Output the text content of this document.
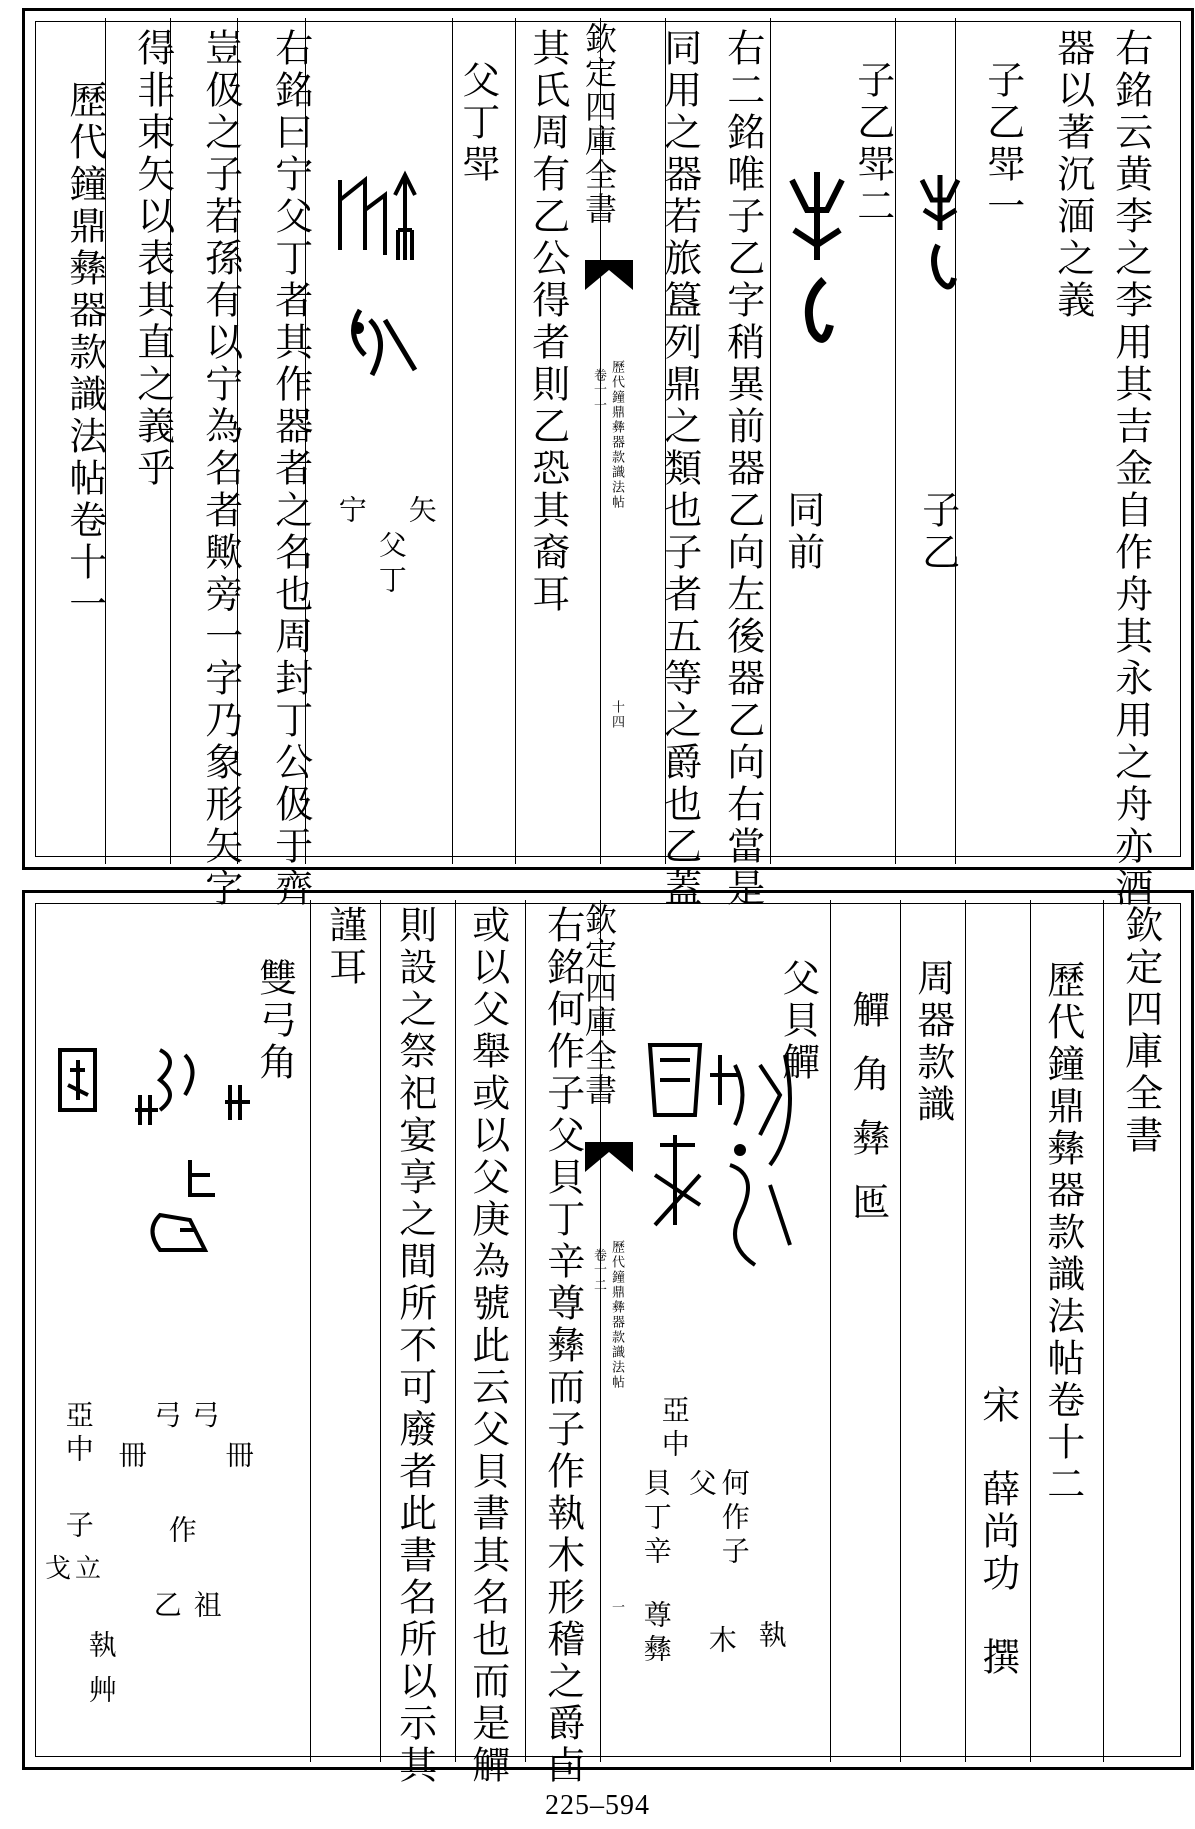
右銘云黄李之李用其吉金自作舟其永用之舟亦酒
器以著沉湎之義
子乙斝一
子乙
子乙斝二
同前
右二銘唯子乙字稍異前器乙向左後器乙向右當是
同用之器若旅簋列鼎之類也子者五等之爵也乙蓋
其氏周有乙公得者則乙恐其裔耳
父丁斝
右銘曰宁父丁者其作器者之名也周封丁公伋于齊
豈伋之子若孫有以宁為名者歟旁一字乃象形矢字
得非束矢以表其直之義乎
歷代鐘鼎彝器款識法帖卷十一	矢
父
丁
宁
欽定四庫全書
歷代鐘鼎彝器款識法帖
卷十一
十四
欽定四庫全書
歷代鐘鼎彝器款識法帖卷十二
宋　薛尚功　撰
周器款識
觶角彝匜
父貝觶
右銘何作子父貝丁辛尊彝而子作執木形稽之爵卣
或以父舉或以父庚為號此云父貝書其名也而是觶
則設之祭祀宴享之間所不可廢者此書名所以示其
謹耳
雙弓角
何作子
父
執
木
亞中
貝丁辛
尊彝
欽定四庫全書
歷代鐘鼎彝器款識法帖
卷十二
一
弓
弓
冊
冊
作
祖
乙
亞中
子
戈立
執
艸
225–594
